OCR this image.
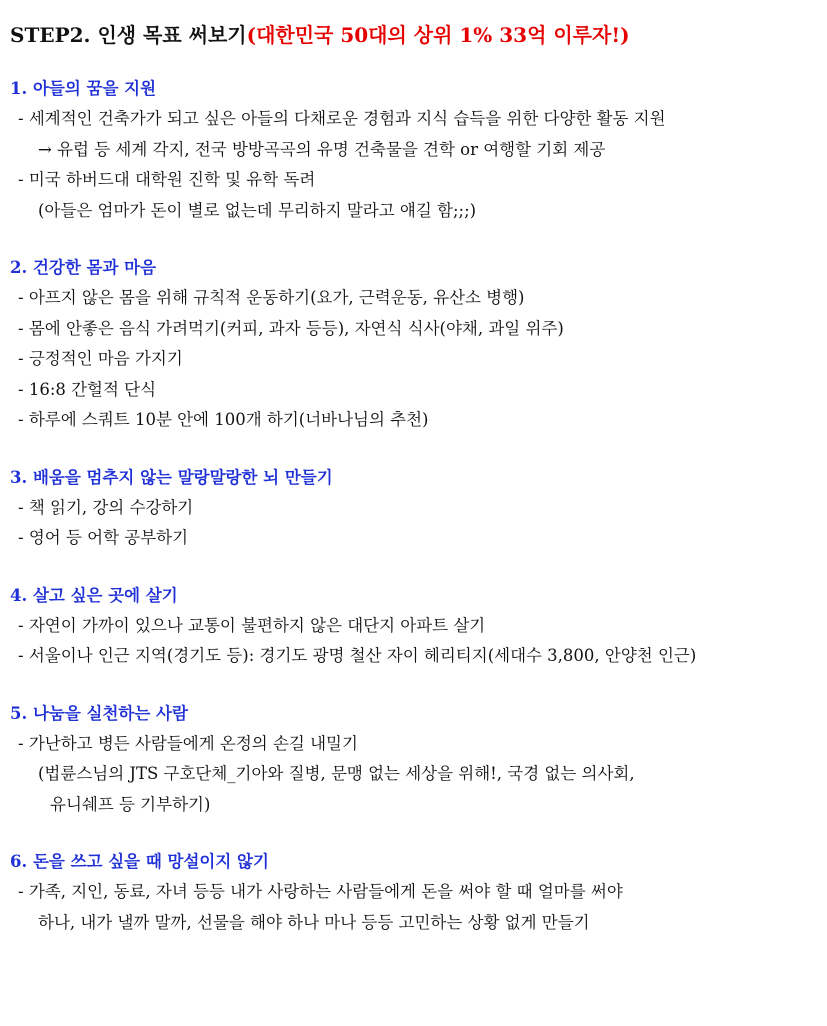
STEP2. 인생 목표 써보기(대한민국 50대의 상위 1% 33억 이루자!)
1. 아들의 꿈을 지원
- 세계적인 건축가가 되고 싶은 아들의 다채로운 경험과 지식 습득을 위한 다양한 활동 지원
→ 유럽 등 세계 각지, 전국 방방곡곡의 유명 건축물을 견학 or 여행할 기회 제공
- 미국 하버드대 대학원 진학 및 유학 독려
(아들은 엄마가 돈이 별로 없는데 무리하지 말라고 얘길 함;;;)
2. 건강한 몸과 마음
- 아프지 않은 몸을 위해 규칙적 운동하기(요가, 근력운동, 유산소 병행)
- 몸에 안좋은 음식 가려먹기(커피, 과자 등등), 자연식 식사(야채, 과일 위주)
- 긍정적인 마음 가지기
- 16:8 간헐적 단식
- 하루에 스쿼트 10분 안에 100개 하기(너바나님의 추천)
3. 배움을 멈추지 않는 말랑말랑한 뇌 만들기
- 책 읽기, 강의 수강하기
- 영어 등 어학 공부하기
4. 살고 싶은 곳에 살기
- 자연이 가까이 있으나 교통이 불편하지 않은 대단지 아파트 살기
- 서울이나 인근 지역(경기도 등): 경기도 광명 철산 자이 헤리티지(세대수 3,800, 안양천 인근)
5. 나눔을 실천하는 사람
- 가난하고 병든 사람들에게 온정의 손길 내밀기
(법륜스님의 JTS 구호단체_기아와 질병, 문맹 없는 세상을 위해!, 국경 없는 의사회,
유니쉐프 등 기부하기)
6. 돈을 쓰고 싶을 때 망설이지 않기
- 가족, 지인, 동료, 자녀 등등 내가 사랑하는 사람들에게 돈을 써야 할 때 얼마를 써야
하나, 내가 낼까 말까, 선물을 해야 하나 마나 등등 고민하는 상황 없게 만들기
